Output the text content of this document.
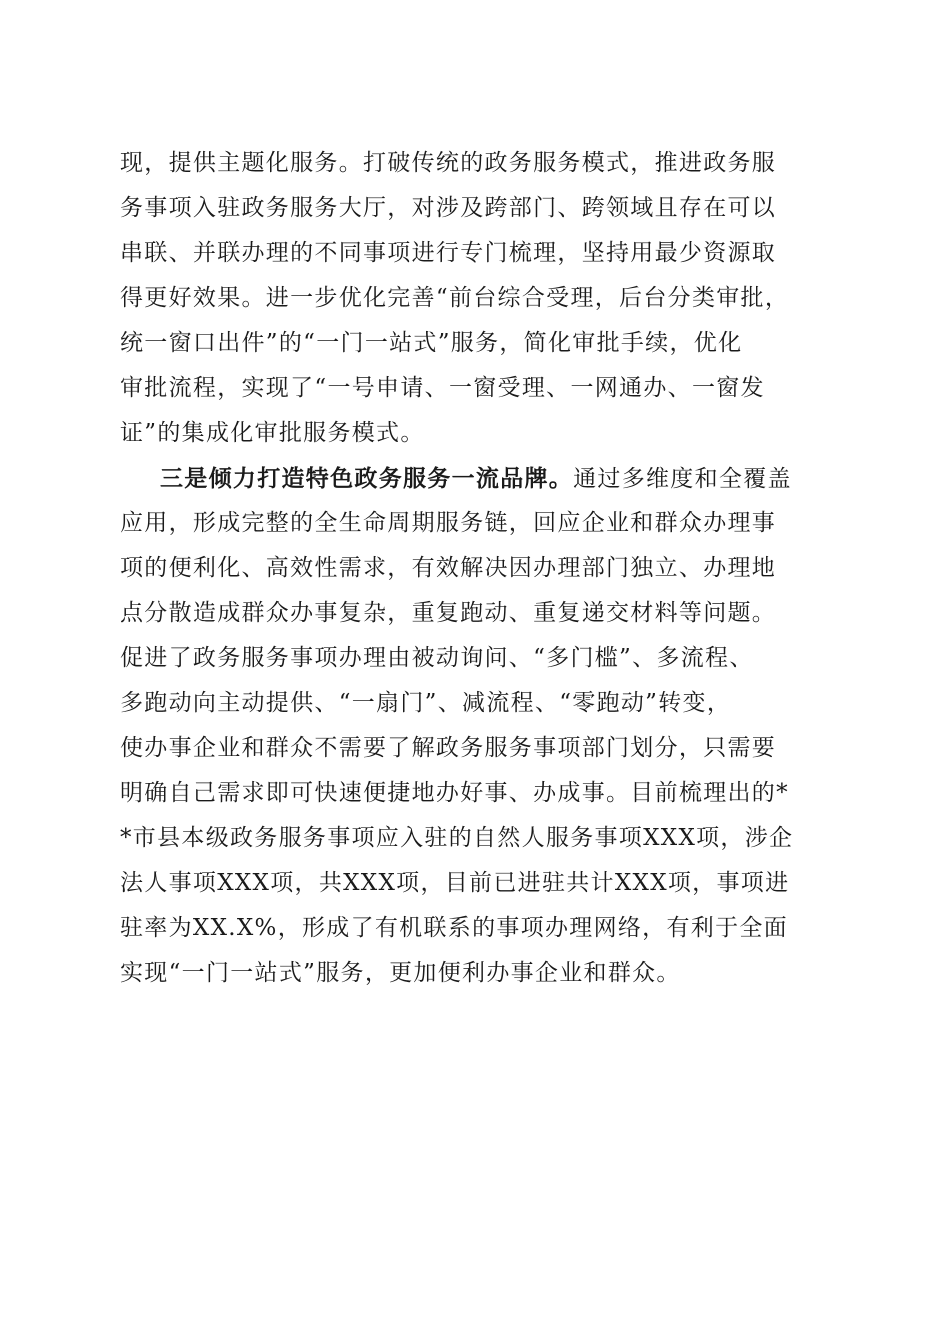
现，提供主题化服务。打破传统的政务服务模式，推进政务服
务事项入驻政务服务大厅，对涉及跨部门、跨领域且存在可以
串联、并联办理的不同事项进行专门梳理，坚持用最少资源取
得更好效果。进一步优化完善“前台综合受理，后台分类审批，
统一窗口出件”的“一门一站式”服务，简化审批手续，优化
审批流程，实现了“一号申请、一窗受理、一网通办、一窗发
证”的集成化审批服务模式。
三是倾力打造特色政务服务一流品牌。通过多维度和全覆盖
应用，形成完整的全生命周期服务链，回应企业和群众办理事
项的便利化、高效性需求，有效解决因办理部门独立、办理地
点分散造成群众办事复杂，重复跑动、重复递交材料等问题。
促进了政务服务事项办理由被动询问、“多门槛”、多流程、
多跑动向主动提供、“一扇门”、减流程、“零跑动”转变，
使办事企业和群众不需要了解政务服务事项部门划分，只需要
明确自己需求即可快速便捷地办好事、办成事。目前梳理出的*
*市县本级政务服务事项应入驻的自然人服务事项XXX项，涉企
法人事项XXX项，共XXX项，目前已进驻共计XXX项，事项进
驻率为XX.X%，形成了有机联系的事项办理网络，有利于全面
实现“一门一站式”服务，更加便利办事企业和群众。
